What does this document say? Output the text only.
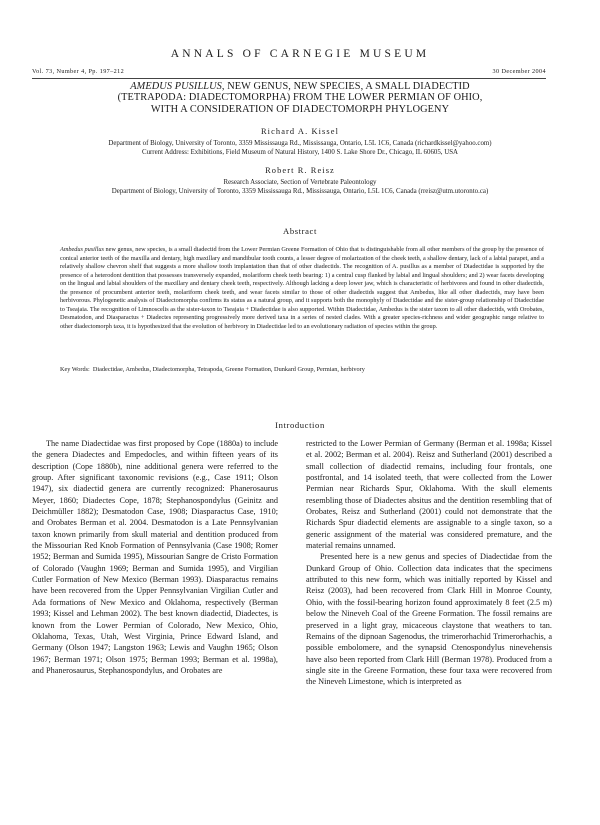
ANNALS OF CARNEGIE MUSEUM
Vol. 73, Number 4, Pp. 197–212	30 December 2004
AMEDUS PUSILLUS, NEW GENUS, NEW SPECIES, A SMALL DIADECTID
(TETRAPODA: DIADECTOMORPHA) FROM THE LOWER PERMIAN OF OHIO,
WITH A CONSIDERATION OF DIADECTOMORPH PHYLOGENY
Richard A. Kissel
Department of Biology, University of Toronto, 3359 Mississauga Rd., Mississauga, Ontario, L5L 1C6, Canada (richardkissel@yahoo.com)
Current Address: Exhibitions, Field Museum of Natural History, 1400 S. Lake Shore Dr., Chicago, IL 60605, USA
Robert R. Reisz
Research Associate, Section of Vertebrate Paleontology
Department of Biology, University of Toronto, 3359 Mississauga Rd., Mississauga, Ontario, L5L 1C6, Canada (rreisz@utm.utoronto.ca)
Abstract
Ambedus pusillus new genus, new species, is a small diadectid from the Lower Permian Greene Formation of Ohio that is distinguishable from all other members of the group by the presence of conical anterior teeth of the maxilla and dentary, high maxillary and mandibular tooth counts, a lesser degree of molarization of the cheek teeth, a shallow dentary, lack of a labial parapet, and a relatively shallow chevron shelf that suggests a more shallow tooth implantation than that of other diadectids. The recognition of A. pusillus as a member of Diadectidae is supported by the presence of a heterodont dentition that possesses transversely expanded, molariform cheek teeth bearing: 1) a central cusp flanked by labial and lingual shoulders; and 2) wear facets developing on the lingual and labial shoulders of the maxillary and dentary cheek teeth, respectively. Although lacking a deep lower jaw, which is characteristic of herbivores and found in other diadectids, the presence of procumbent anterior teeth, molariform cheek teeth, and wear facets similar to those of other diadectids suggest that Ambedus, like all other diadectids, may have been herbivorous. Phylogenetic analysis of Diadectomorpha confirms its status as a natural group, and it supports both the monophyly of Diadectidae and the sister-group relationship of Diadectidae to Tseajaia. The recognition of Limnoscelis as the sister-taxon to Tseajaia + Diadectidae is also supported. Within Diadectidae, Ambedus is the sister taxon to all other diadectids, with Orobates, Desmatodon, and Diasparactus + Diadectes representing progressively more derived taxa in a series of nested clades. With a greater species-richness and wider geographic range relative to other diadectomorph taxa, it is hypothesized that the evolution of herbivory in Diadectidae led to an evolutionary radiation of species within the group.
Key Words: Diadectidae, Ambedus, Diadectomorpha, Tetrapoda, Greene Formation, Dunkard Group, Permian, herbivory
Introduction

The name Diadectidae was first proposed by Cope (1880a) to include the genera Diadectes and Empedocles, and within fifteen years of its description (Cope 1880b), nine additional genera were referred to the group. After significant taxonomic revisions (e.g., Case 1911; Olson 1947), six diadectid genera are currently recognized: Phanerosaurus Meyer, 1860; Diadectes Cope, 1878; Stephanospondylus (Geinitz and Deichmüller 1882); Desmatodon Case, 1908; Diasparactus Case, 1910; and Orobates Berman et al. 2004. Desmatodon is a Late Pennsylvanian taxon known primarily from skull material and dentition produced from the Missourian Red Knob Formation of Pennsylvania (Case 1908; Romer 1952; Berman and Sumida 1995), Missourian Sangre de Cristo Formation of Colorado (Vaughn 1969; Berman and Sumida 1995), and Virgilian Cutler Formation of New Mexico (Berman 1993). Diasparactus remains have been recovered from the Upper Pennsylvanian Virgilian Cutler and Ada formations of New Mexico and Oklahoma, respectively (Berman 1993; Kissel and Lehman 2002). The best known diadectid, Diadectes, is known from the Lower Permian of Colorado, New Mexico, Ohio, Oklahoma, Texas, Utah, West Virginia, Prince Edward Island, and Germany (Olson 1947; Langston 1963; Lewis and Vaughn 1965; Olson 1967; Berman 1971; Olson 1975; Berman 1993; Berman et al. 1998a), and Phanerosaurus, Stephanospondylus, and Orobates are

restricted to the Lower Permian of Germany (Berman et al. 1998a; Kissel et al. 2002; Berman et al. 2004). Reisz and Sutherland (2001) described a small collection of diadectid remains, including four frontals, one postfrontal, and 14 isolated teeth, that were collected from the Lower Permian near Richards Spur, Oklahoma. With the skull elements resembling those of Diadectes absitus and the dentition resembling that of Orobates, Reisz and Sutherland (2001) could not demonstrate that the Richards Spur diadectid elements are assignable to a single taxon, so a generic assignment of the material was considered premature, and the material remains unnamed.

Presented here is a new genus and species of Diadectidae from the Dunkard Group of Ohio. Collection data indicates that the specimens attributed to this new form, which was initially reported by Kissel and Reisz (2003), had been recovered from Clark Hill in Monroe County, Ohio, with the fossil-bearing horizon found approximately 8 feet (2.5 m) below the Nineveh Coal of the Greene Formation. The fossil remains are preserved in a light gray, micaceous claystone that weathers to tan. Remains of the dipnoan Sagenodus, the trimerorhachid Trimerorhachis, a possible embolomere, and the synapsid Ctenospondylus ninevehensis have also been reported from Clark Hill (Berman 1978). Produced from a single site in the Greene Formation, these four taxa were recovered from the Nineveh Limestone, which is interpreted as
